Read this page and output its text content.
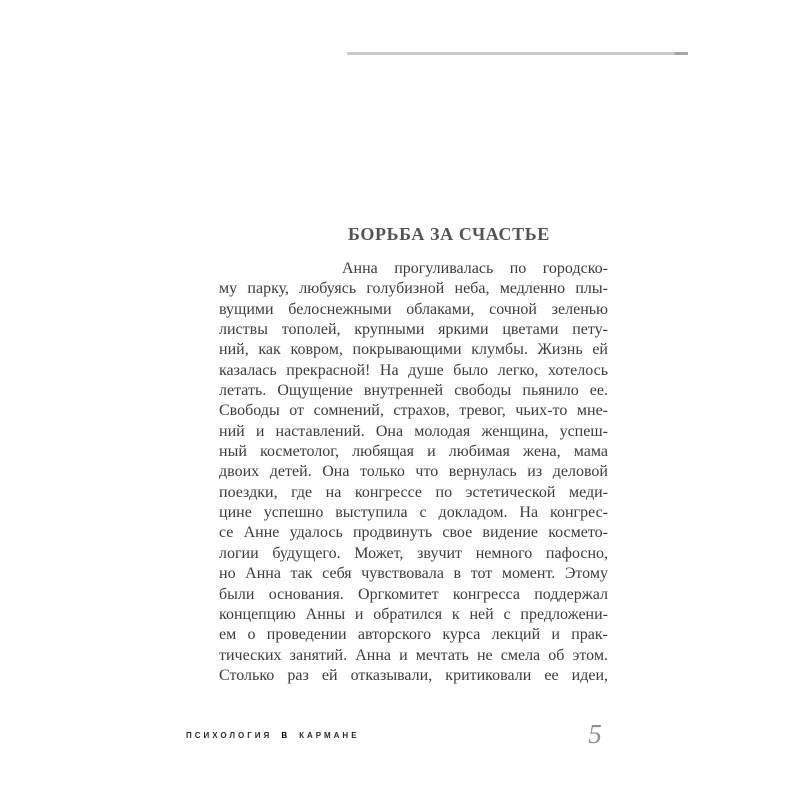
БОРЬБА ЗА СЧАСТЬЕ
Анна прогуливалась по городско-
му парку, любуясь голубизной неба, медленно плы-
вущими белоснежными облаками, сочной зеленью
листвы тополей, крупными яркими цветами пету-
ний, как ковром, покрывающими клумбы. Жизнь ей
казалась прекрасной! На душе было легко, хотелось
летать. Ощущение внутренней свободы пьянило ее.
Свободы от сомнений, страхов, тревог, чьих-то мне-
ний и наставлений. Она молодая женщина, успеш-
ный косметолог, любящая и любимая жена, мама
двоих детей. Она только что вернулась из деловой
поездки, где на конгрессе по эстетической меди-
цине успешно выступила с докладом. На конгрес-
се Анне удалось продвинуть свое видение космето-
логии будущего. Может, звучит немного пафосно,
но Анна так себя чувствовала в тот момент. Этому
были основания. Оргкомитет конгресса поддержал
концепцию Анны и обратился к ней с предложени-
ем о проведении авторского курса лекций и прак-
тических занятий. Анна и мечтать не смела об этом.
Столько раз ей отказывали, критиковали ее идеи,
ПСИХОЛОГИЯ В КАРМАНЕ	5
